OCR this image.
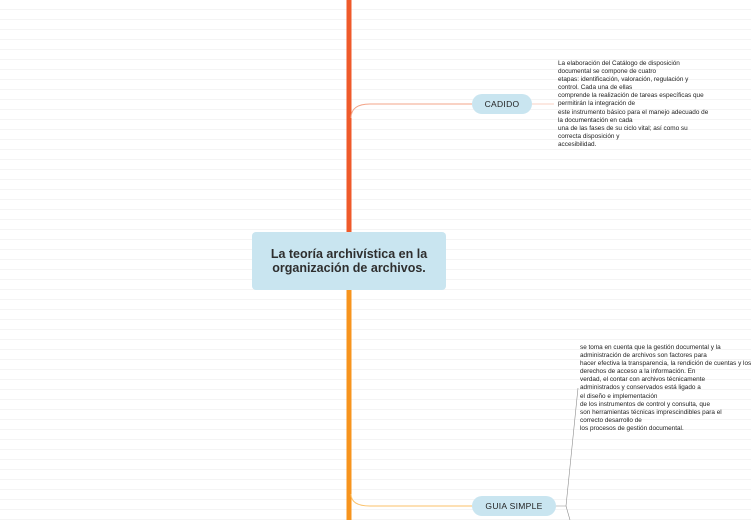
La teoría archivística en la organización de archivos.
CADIDO
GUIA SIMPLE
La elaboración del Catálogo de disposición
documental se compone de cuatro
etapas: identificación, valoración, regulación y
control. Cada una de ellas
comprende la realización de tareas específicas que
permitirán la integración de
este instrumento básico para el manejo adecuado de
la documentación en cada
una de las fases de su ciclo vital; así como su
correcta disposición y
accesibilidad.
se toma en cuenta que la gestión documental y la
administración de archivos son factores para
hacer efectiva la transparencia, la rendición de cuentas y los
derechos de acceso a la información. En
verdad, el contar con archivos técnicamente
administrados y conservados está ligado a
el diseño e implementación
de los instrumentos de control y consulta, que
son herramientas técnicas imprescindibles para el
correcto desarrollo de
los procesos de gestión documental.
